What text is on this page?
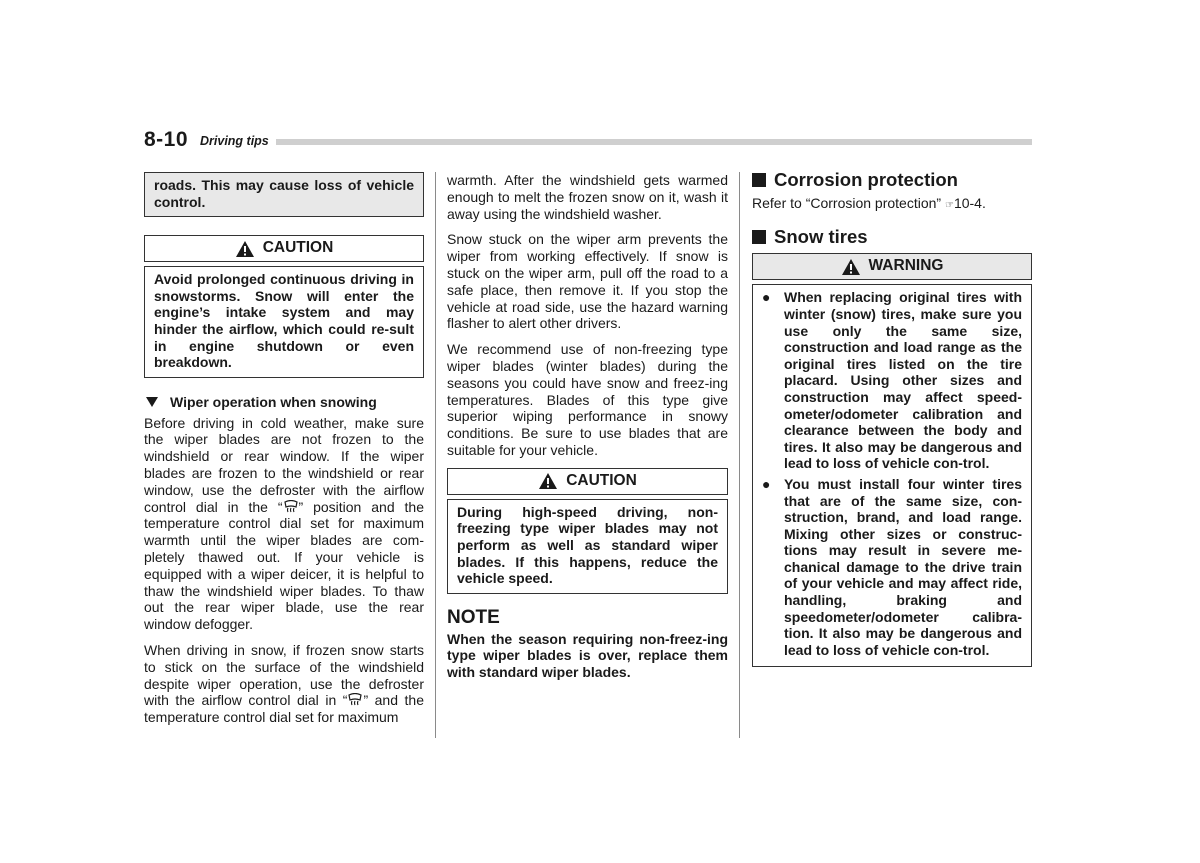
8-10 Driving tips

roads. This may cause loss of vehicle control.

CAUTION

Avoid prolonged continuous driving in snowstorms. Snow will enter the engine’s intake system and may hinder the airflow, which could re-sult in engine shutdown or even breakdown.

Wiper operation when snowing

Before driving in cold weather, make sure the wiper blades are not frozen to the windshield or rear window. If the wiper blades are frozen to the windshield or rear window, use the defroster with the airflow control dial in the “ ” position and the temperature control dial set for maximum warmth until the wiper blades are com-pletely thawed out. If your vehicle is equipped with a wiper deicer, it is helpful to thaw the windshield wiper blades. To thaw out the rear wiper blade, use the rear window defogger.

When driving in snow, if frozen snow starts to stick on the surface of the windshield despite wiper operation, use the defroster with the airflow control dial in “ ” and the temperature control dial set for maximum

warmth. After the windshield gets warmed enough to melt the frozen snow on it, wash it away using the windshield washer.

Snow stuck on the wiper arm prevents the wiper from working effectively. If snow is stuck on the wiper arm, pull off the road to a safe place, then remove it. If you stop the vehicle at road side, use the hazard warning flasher to alert other drivers.

We recommend use of non-freezing type wiper blades (winter blades) during the seasons you could have snow and freez-ing temperatures. Blades of this type give superior wiping performance in snowy conditions. Be sure to use blades that are suitable for your vehicle.

CAUTION

During high-speed driving, non-freezing type wiper blades may not perform as well as standard wiper blades. If this happens, reduce the vehicle speed.

NOTE
When the season requiring non-freez-ing type wiper blades is over, replace them with standard wiper blades.
Corrosion protection

Refer to “Corrosion protection” ☞10-4.

Snow tires
WARNING
● When replacing original tires with winter (snow) tires, make sure you use only the same size, construction and load range as the original tires listed on the tire placard. Using other sizes and construction may affect speed-ometer/odometer calibration and clearance between the body and tires. It also may be dangerous and lead to loss of vehicle con-trol.
● You must install four winter tires that are of the same size, con-struction, brand, and load range. Mixing other sizes or construc-tions may result in severe me-chanical damage to the drive train of your vehicle and may affect ride, handling, braking and speedometer/odometer calibra-tion. It also may be dangerous and lead to loss of vehicle con-trol.
